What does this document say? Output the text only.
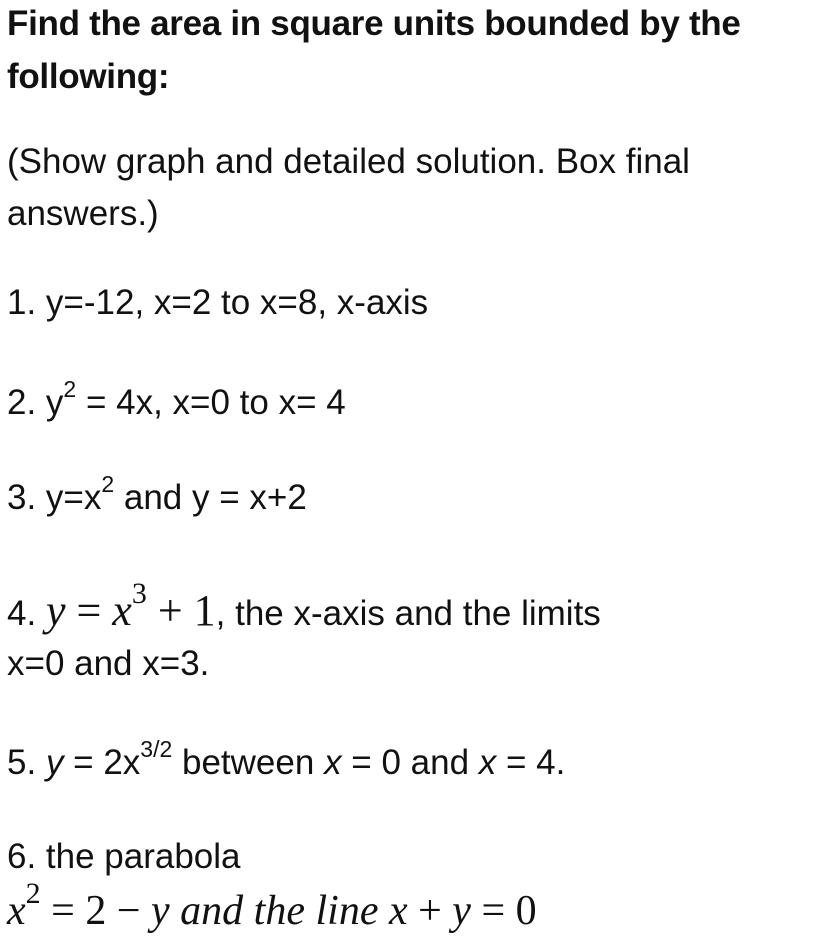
Find the area in square units bounded by the
following:
(Show graph and detailed solution. Box final
answers.)
1. y=-12, x=2 to x=8, x-axis
2. $y^2 = 4x$, x=0 to x= 4
3. $y=x^2$ and y = x+2
4. $y = x^3 + 1$, the x-axis and the limits
x=0 and x=3.
5. $y = 2x^{3/2}$ between x = 0 and x = 4.
6. the parabola
$x^2 = 2 - y$ and the line x + y = 0
